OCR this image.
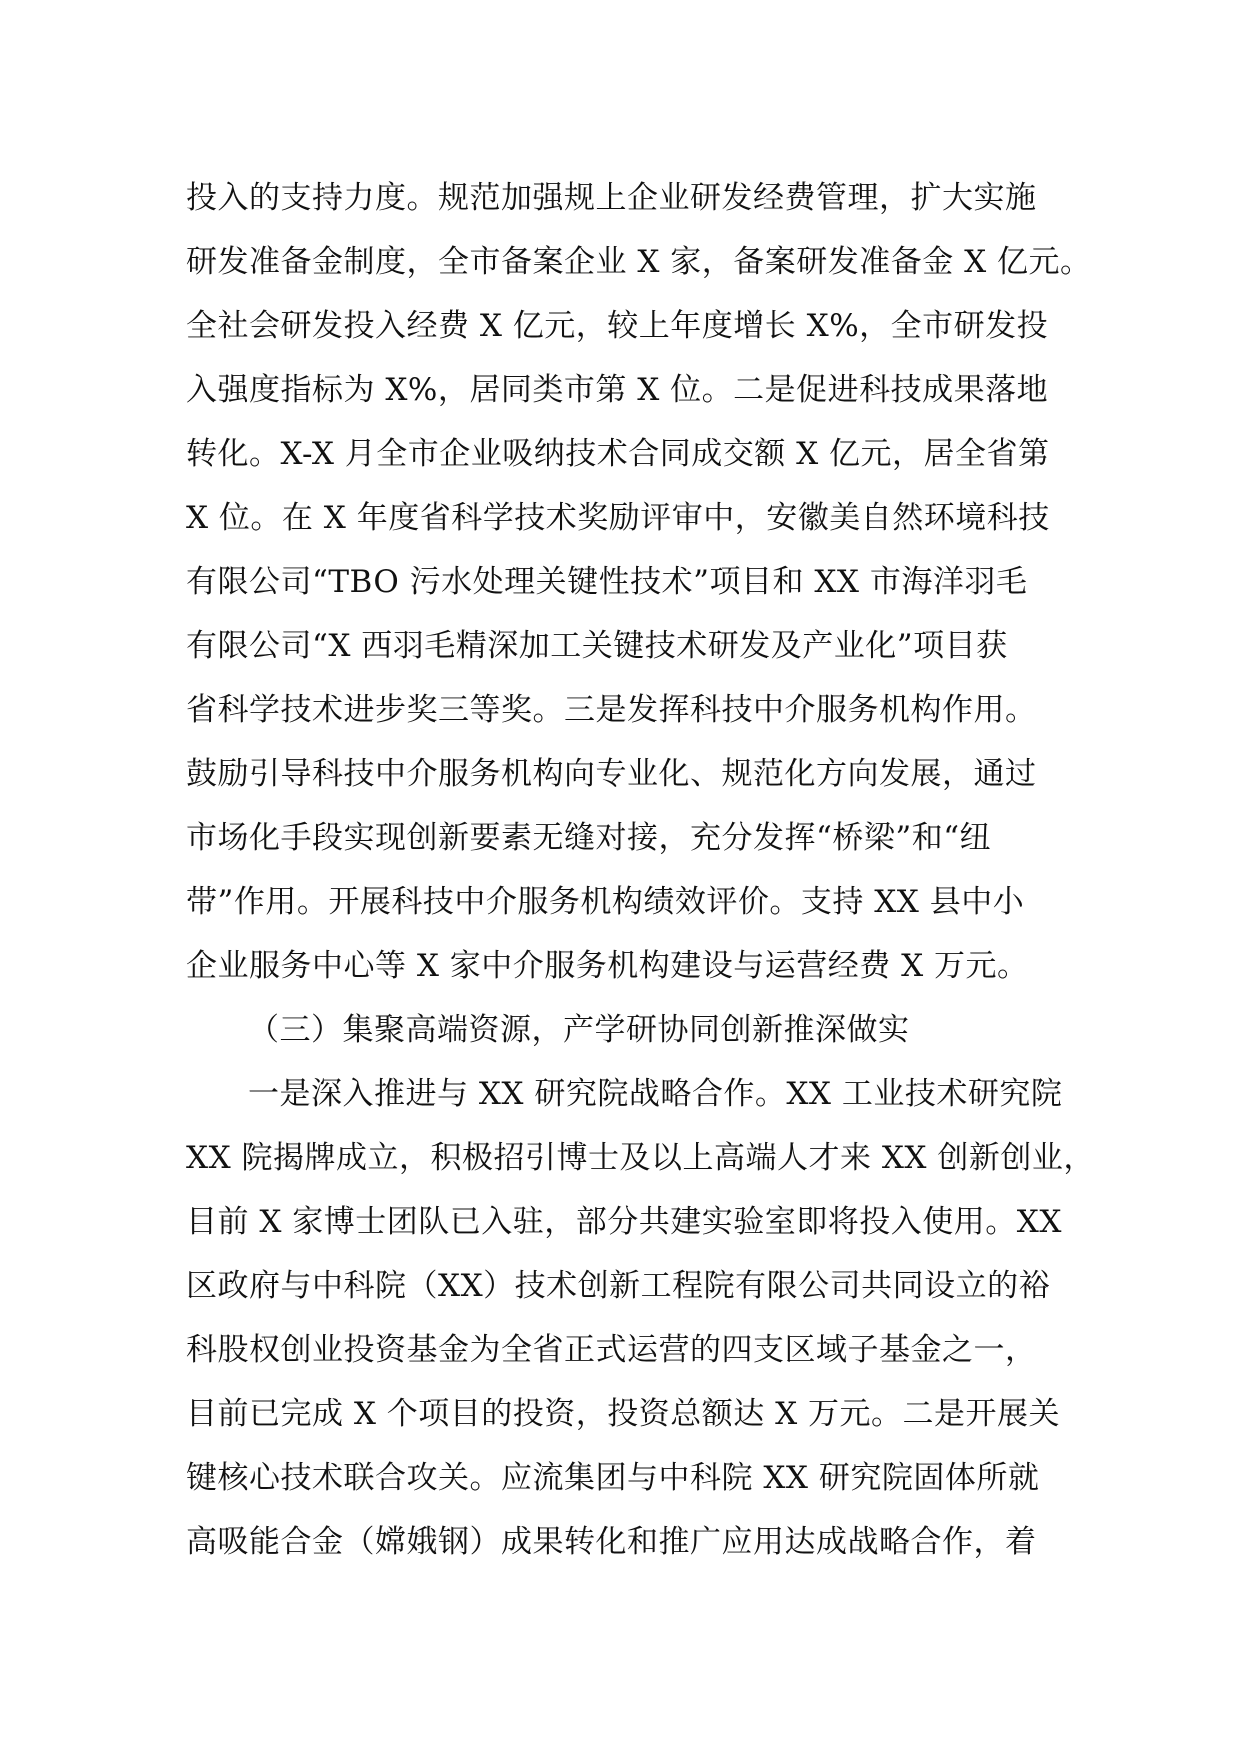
投入的支持力度。规范加强规上企业研发经费管理，扩大实施
研发准备金制度，全市备案企业 X 家，备案研发准备金 X 亿元。
全社会研发投入经费 X 亿元，较上年度增长 X%，全市研发投
入强度指标为 X%，居同类市第 X 位。二是促进科技成果落地
转化。X-X 月全市企业吸纳技术合同成交额 X 亿元，居全省第
X 位。在 X 年度省科学技术奖励评审中，安徽美自然环境科技
有限公司“TBO 污水处理关键性技术”项目和 XX 市海洋羽毛
有限公司“X 西羽毛精深加工关键技术研发及产业化”项目获
省科学技术进步奖三等奖。三是发挥科技中介服务机构作用。
鼓励引导科技中介服务机构向专业化、规范化方向发展，通过
市场化手段实现创新要素无缝对接，充分发挥“桥梁”和“纽
带”作用。开展科技中介服务机构绩效评价。支持 XX 县中小
企业服务中心等 X 家中介服务机构建设与运营经费 X 万元。
（三）集聚高端资源，产学研协同创新推深做实
一是深入推进与 XX 研究院战略合作。XX 工业技术研究院
XX 院揭牌成立，积极招引博士及以上高端人才来 XX 创新创业，
目前 X 家博士团队已入驻，部分共建实验室即将投入使用。XX
区政府与中科院（XX）技术创新工程院有限公司共同设立的裕
科股权创业投资基金为全省正式运营的四支区域子基金之一，
目前已完成 X 个项目的投资，投资总额达 X 万元。二是开展关
键核心技术联合攻关。应流集团与中科院 XX 研究院固体所就
高吸能合金（嫦娥钢）成果转化和推广应用达成战略合作，着
